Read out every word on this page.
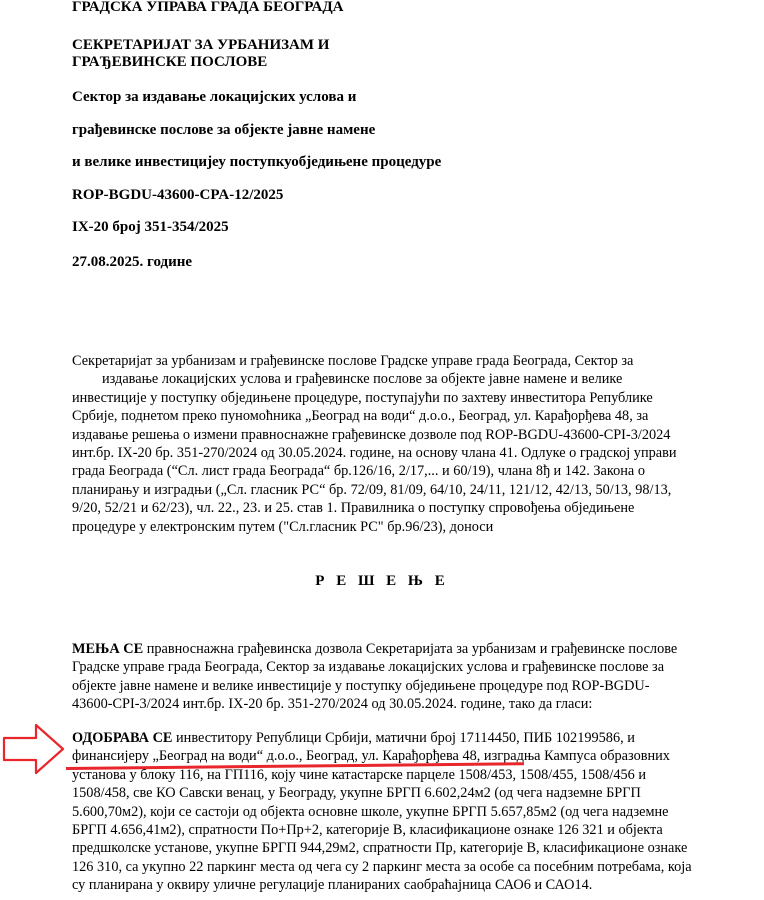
ГРАДСКА УПРАВА ГРАДА БЕОГРАДА

СЕКРЕТАРИЈАТ ЗА УРБАНИЗАМ И

ГРАЂЕВИНСКЕ ПОСЛОВЕ

Сектор за издавање локацијских услова и

грађевинске послове за објекте јавне намене

и велике инвестицијеу поступкуобједињене процедуре

ROP-BGDU-43600-CPA-12/2025

IX-20 број 351-354/2025

27.08.2025. године

Секретаријат за урбанизам и грађевинске послове Градске управе града Београда, Сектор за
издавање локацијских услова и грађевинске послове за објекте јавне намене и велике
инвестиције у поступку обједињене процедуре, поступајући по захтеву инвеститора Републике
Србије, поднетом преко пуномоћника „Београд на води“ д.о.о., Београд, ул. Карађорђева 48, за
издавање решења о измени правноснажне грађевинске дозволе под ROP-BGDU-43600-CPI-3/2024
инт.бр. IX-20 бр. 351-270/2024 од 30.05.2024. године, на основу члана 41. Одлуке о градској управи
града Београда (“Сл. лист града Београда“ бр.126/16, 2/17,... и 60/19), члана 8ђ и 142. Закона о
планирању и изградњи („Сл. гласник РС“ бр. 72/09, 81/09, 64/10, 24/11, 121/12, 42/13, 50/13, 98/13,
9/20, 52/21 и 62/23), чл. 22., 23. и 25. став 1. Правилника о поступку спровођења обједињене
процедуре у електронским путем ("Сл.гласник РС" бр.96/23), доноси

Р Е Ш Е Њ Е

МЕЊА СЕ правноснажна грађевинска дозвола Секретаријата за урбанизам и грађевинске послове
Градске управе града Београда, Сектор за издавање локацијских услова и грађевинске послове за
објекте јавне намене и велике инвестиције у поступку обједињене процедуре под ROP-BGDU-
43600-CPI-3/2024 инт.бр. IX-20 бр. 351-270/2024 од 30.05.2024. године, тако да гласи:
ОДОБРАВА СЕ инвеститору Републици Србији, матични број 17114450, ПИБ 102199586, и
финансијеру „Београд на води“ д.о.о., Београд, ул. Карађорђева 48, изградња Кампуса образовних
установа у блоку 116, на ГП116, коју чине катастарске парцеле 1508/453, 1508/455, 1508/456 и
1508/458, све КО Савски венац, у Београду, укупне БРГП 6.602,24м2 (од чега надземне БРГП
5.600,70м2), који се састоји од објекта основне школе, укупне БРГП 5.657,85м2 (од чега надземне
БРГП 4.656,41м2), спратности По+Пр+2, категорије В, класификационе ознаке 126 321 и објекта
предшколске установе, укупне БРГП 944,29м2, спратности Пр, категорије В, класификационе ознаке
126 310, са укупно 22 паркинг места од чега су 2 паркинг места за особе са посебним потребама, која
су планирана у оквиру уличне регулације планираних саобраћајница САО6 и САО14.
